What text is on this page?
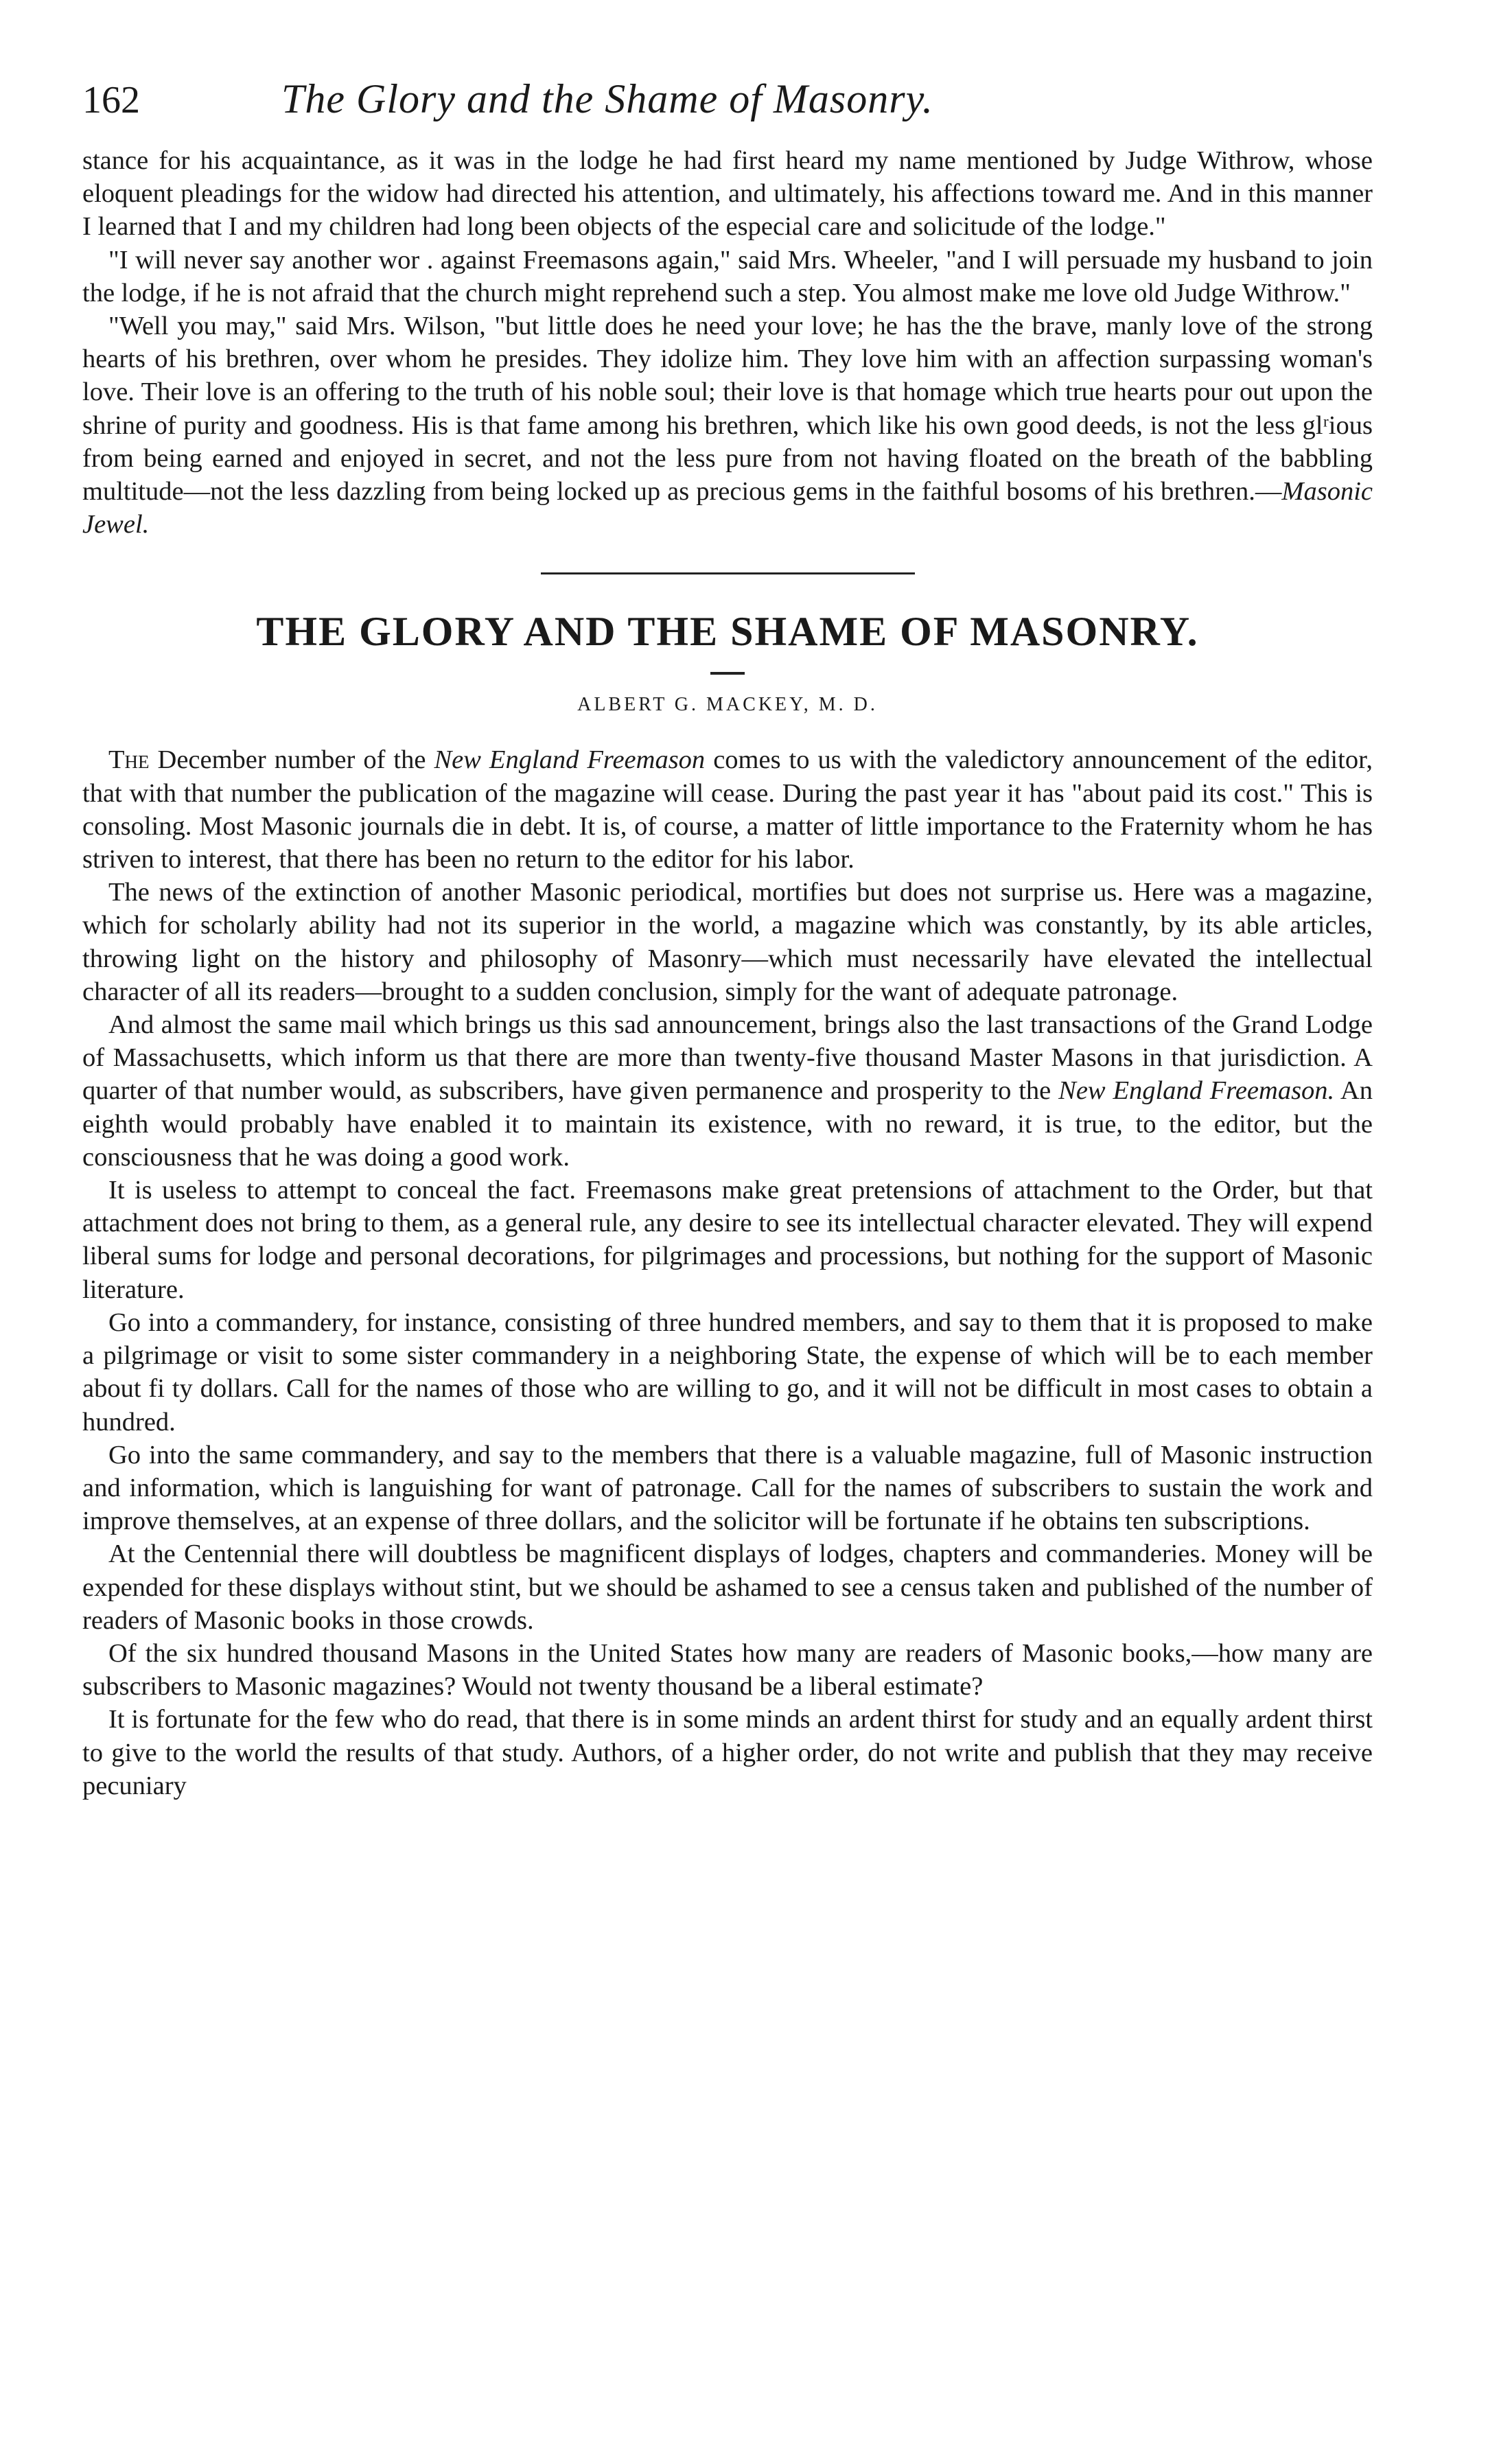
162	The Glory and the Shame of Masonry.

stance for his acquaintance, as it was in the lodge he had first heard my name mentioned by Judge Withrow, whose eloquent pleadings for the widow had directed his attention, and ultimately, his affections toward me. And in this manner I learned that I and my children had long been objects of the especial care and solicitude of the lodge."

"I will never say another wor . against Freemasons again," said Mrs. Wheeler, "and I will persuade my husband to join the lodge, if he is not afraid that the church might reprehend such a step. You almost make me love old Judge Withrow."

"Well you may," said Mrs. Wilson, "but little does he need your love; he has the the brave, manly love of the strong hearts of his brethren, over whom he presides. They idolize him. They love him with an affection surpassing woman's love. Their love is an offering to the truth of his noble soul; their love is that homage which true hearts pour out upon the shrine of purity and goodness. His is that fame among his brethren, which like his own good deeds, is not the less glʳious from being earned and enjoyed in secret, and not the less pure from not having floated on the breath of the babbling multitude—not the less dazzling from being locked up as precious gems in the faithful bosoms of his brethren.—Masonic Jewel.

THE GLORY AND THE SHAME OF MASONRY.

ALBERT G. MACKEY, M. D.

The December number of the New England Freemason comes to us with the valedictory announcement of the editor, that with that number the publication of the magazine will cease. During the past year it has "about paid its cost." This is consoling. Most Masonic journals die in debt. It is, of course, a matter of little importance to the Fraternity whom he has striven to interest, that there has been no return to the editor for his labor.

The news of the extinction of another Masonic periodical, mortifies but does not surprise us. Here was a magazine, which for scholarly ability had not its superior in the world, a magazine which was constantly, by its able articles, throwing light on the history and philosophy of Masonry—which must necessarily have elevated the intellectual character of all its readers—brought to a sudden conclusion, simply for the want of adequate patronage.

And almost the same mail which brings us this sad announcement, brings also the last transactions of the Grand Lodge of Massachusetts, which inform us that there are more than twenty-five thousand Master Masons in that jurisdiction. A quarter of that number would, as subscribers, have given permanence and prosperity to the New England Freemason. An eighth would probably have enabled it to maintain its existence, with no reward, it is true, to the editor, but the consciousness that he was doing a good work.

It is useless to attempt to conceal the fact. Freemasons make great pretensions of attachment to the Order, but that attachment does not bring to them, as a general rule, any desire to see its intellectual character elevated. They will expend liberal sums for lodge and personal decorations, for pilgrimages and processions, but nothing for the support of Masonic literature.

Go into a commandery, for instance, consisting of three hundred members, and say to them that it is proposed to make a pilgrimage or visit to some sister commandery in a neighboring State, the expense of which will be to each member about fi ty dollars. Call for the names of those who are willing to go, and it will not be difficult in most cases to obtain a hundred.

Go into the same commandery, and say to the members that there is a valuable magazine, full of Masonic instruction and information, which is languishing for want of patronage. Call for the names of subscribers to sustain the work and improve themselves, at an expense of three dollars, and the solicitor will be fortunate if he obtains ten subscriptions.

At the Centennial there will doubtless be magnificent displays of lodges, chapters and commanderies. Money will be expended for these displays without stint, but we should be ashamed to see a census taken and published of the number of readers of Masonic books in those crowds.

Of the six hundred thousand Masons in the United States how many are readers of Masonic books,—how many are subscribers to Masonic magazines? Would not twenty thousand be a liberal estimate?

It is fortunate for the few who do read, that there is in some minds an ardent thirst for study and an equally ardent thirst to give to the world the results of that study. Authors, of a higher order, do not write and publish that they may receive pecuniary
